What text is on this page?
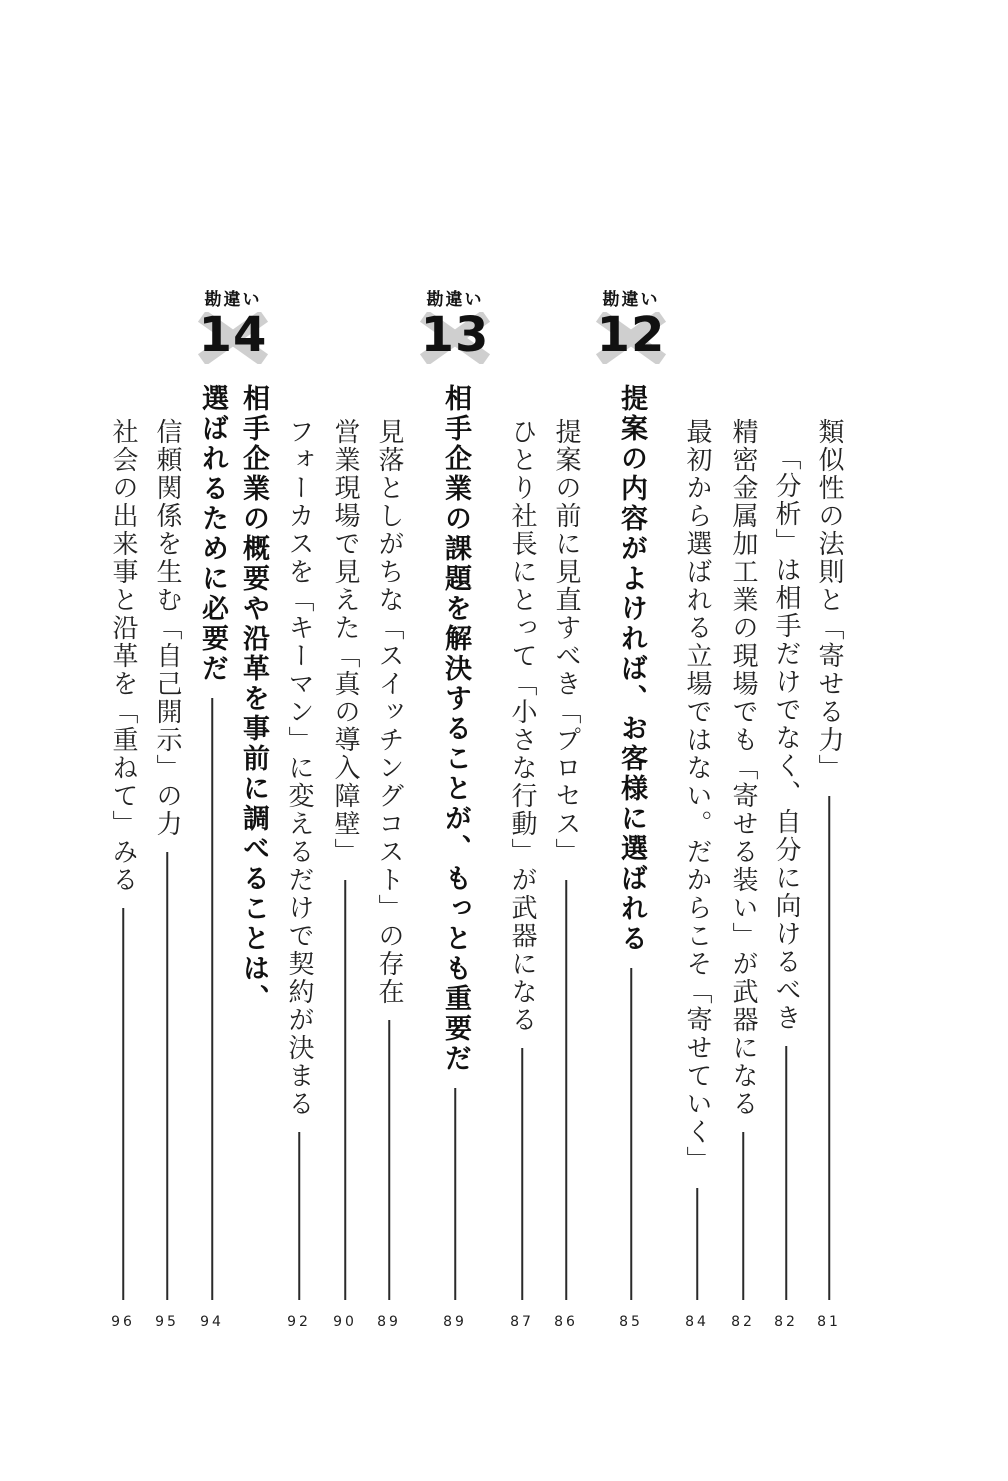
類似性の法則と「寄せる力」
81
「分析」は相手だけでなく、自分に向けるべき
82
精密金属加工業の現場でも「寄せる装い」が武器になる
82
最初から選ばれる立場ではない。だからこそ「寄せていく」
84
提案の内容がよければ、お客様に選ばれる
85
提案の前に見直すべき「プロセス」
86
ひとり社長にとって「小さな行動」が武器になる
87
相手企業の課題を解決することが、もっとも重要だ
89
見落としがちな「スイッチングコスト」の存在
89
営業現場で見えた「真の導入障壁」
90
フォーカスを「キーマン」に変えるだけで契約が決まる
92
相手企業の概要や沿革を事前に調べることは、
選ばれるために必要だ
94
信頼関係を生む「自己開示」の力
95
社会の出来事と沿革を「重ねて」みる
96
勘違い
12
勘違い
13
勘違い
14
